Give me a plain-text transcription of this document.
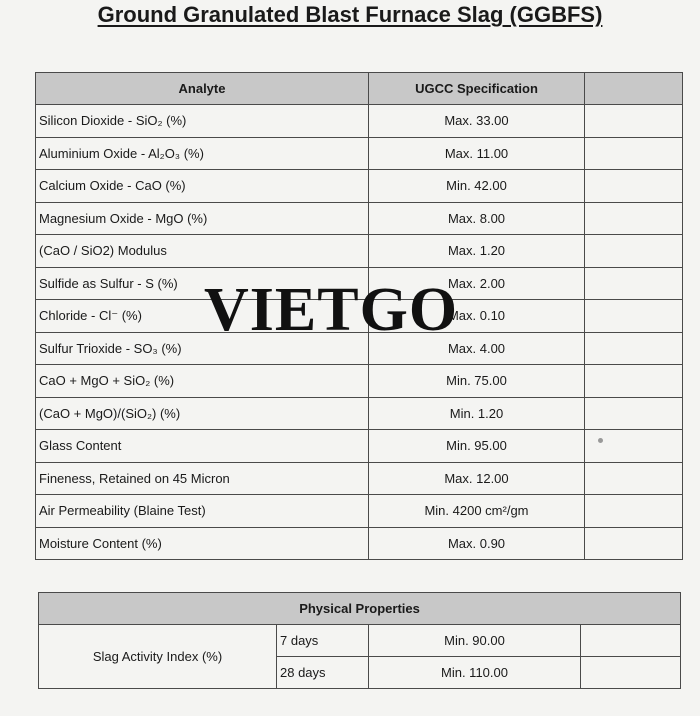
Ground Granulated Blast Furnace Slag (GGBFS)
Analyte	UGCC Specification	
Silicon Dioxide - SiO₂ (%)	Max. 33.00	
Aluminium Oxide - Al₂O₃ (%)	Max. 11.00	
Calcium Oxide - CaO (%)	Min. 42.00	
Magnesium Oxide - MgO (%)	Max. 8.00	
(CaO / SiO2) Modulus	Max. 1.20	
Sulfide as Sulfur - S (%)	Max. 2.00	
Chloride - Cl⁻ (%)	Max. 0.10	
Sulfur Trioxide - SO₃ (%)	Max. 4.00	
CaO + MgO + SiO₂ (%)	Min. 75.00	
(CaO + MgO)/(SiO₂) (%)	Min. 1.20	
Glass Content	Min. 95.00	
Fineness, Retained on 45 Micron	Max. 12.00	
Air Permeability (Blaine Test)	Min. 4200 cm²/gm	
Moisture Content (%)	Max. 0.90	
Physical Properties			
Slag Activity Index (%)	7 days	Min. 90.00	
	28 days	Min. 110.00	
VIETGO
